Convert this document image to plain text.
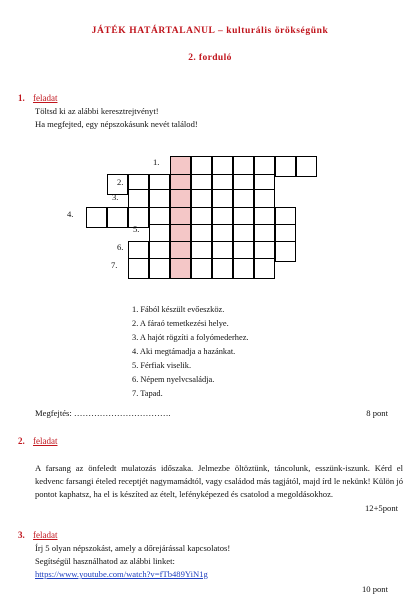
JÁTÉK HATÁRTALANUL – kulturális örökségünk
2. forduló
1. feladat
Töltsd ki az alábbi keresztrejtvényt!
Ha megfejted, egy népszokásunk nevét találod!
1.
2.
3.
4.
5.
6.
7.
1. Fából készült evőeszköz.
2. A fáraó temetkezési helye.
3. A hajót rögzíti a folyómederhez.
4. Aki megtámadja a hazánkat.
5. Férfiak viselik.
6. Népem nyelvcsaládja.
7. Tapad.
Megfejtés: …………………………….	8 pont
2. feladat
A farsang az önfeledt mulatozás időszaka. Jelmezbe öltöztünk, táncolunk, esszünk-iszunk. Kérd el kedvenc farsangi ételed receptjét nagymamádtól, vagy családod más tagjától, majd írd le nekünk! Külön jó pontot kaphatsz, ha el is készíted az ételt, lefényképezed és csatolod a megoldásokhoz.
12+5pont
3. feladat
Írj 5 olyan népszokást, amely a dőrejárással kapcsolatos!
Segítségül használhatod az alábbi linket:
https://www.youtube.com/watch?v=fTb489YiN1g
10 pont
